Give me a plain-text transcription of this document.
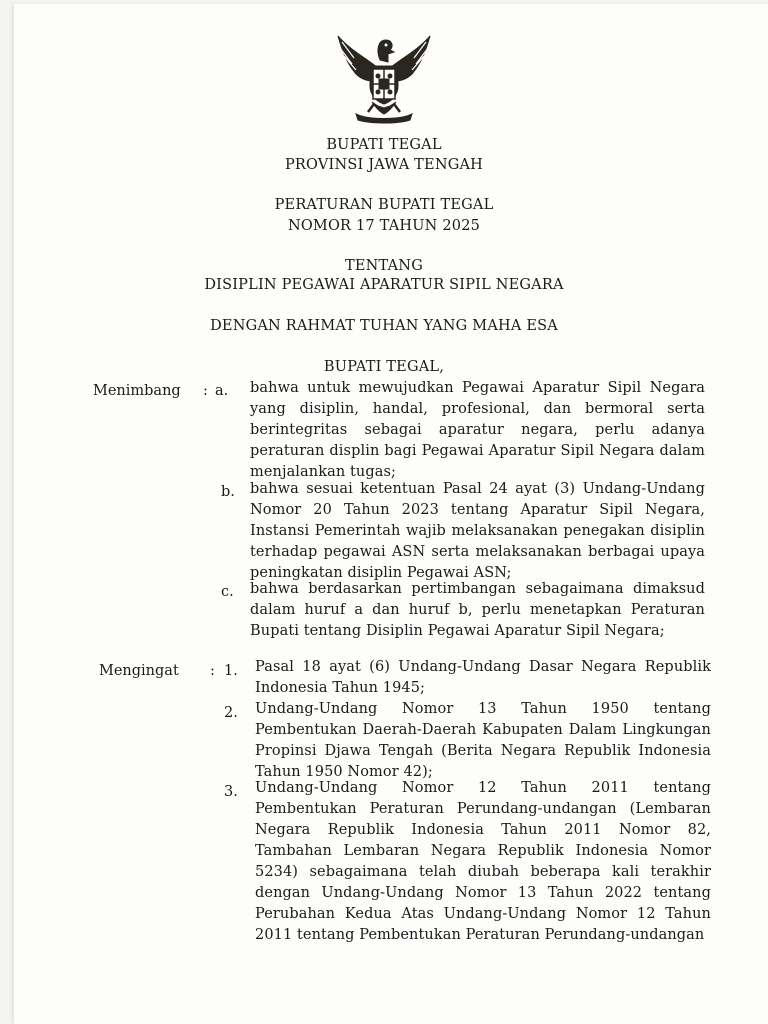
BUPATI TEGAL
PROVINSI JAWA TENGAH
PERATURAN BUPATI TEGAL
NOMOR 17 TAHUN 2025
TENTANG
DISIPLIN PEGAWAI APARATUR SIPIL NEGARA
DENGAN RAHMAT TUHAN YANG MAHA ESA
BUPATI TEGAL,
Menimbang : a. bahwa untuk mewujudkan Pegawai Aparatur Sipil Negara yang disiplin, handal, profesional, dan bermoral serta berintegritas sebagai aparatur negara, perlu adanya peraturan displin bagi Pegawai Aparatur Sipil Negara dalam menjalankan tugas;
b. bahwa sesuai ketentuan Pasal 24 ayat (3) Undang-Undang Nomor 20 Tahun 2023 tentang Aparatur Sipil Negara, Instansi Pemerintah wajib melaksanakan penegakan disiplin terhadap pegawai ASN serta melaksanakan berbagai upaya peningkatan disiplin Pegawai ASN;
c. bahwa berdasarkan pertimbangan sebagaimana dimaksud dalam huruf a dan huruf b, perlu menetapkan Peraturan Bupati tentang Disiplin Pegawai Aparatur Sipil Negara;
Mengingat : 1. Pasal 18 ayat (6) Undang-Undang Dasar Negara Republik Indonesia Tahun 1945;
2. Undang-Undang Nomor 13 Tahun 1950 tentang Pembentukan Daerah-Daerah Kabupaten Dalam Lingkungan Propinsi Djawa Tengah (Berita Negara Republik Indonesia Tahun 1950 Nomor 42);
3. Undang-Undang Nomor 12 Tahun 2011 tentang Pembentukan Peraturan Perundang-undangan (Lembaran Negara Republik Indonesia Tahun 2011 Nomor 82, Tambahan Lembaran Negara Republik Indonesia Nomor 5234) sebagaimana telah diubah beberapa kali terakhir dengan Undang-Undang Nomor 13 Tahun 2022 tentang Perubahan Kedua Atas Undang-Undang Nomor 12 Tahun 2011 tentang Pembentukan Peraturan Perundang-undangan
